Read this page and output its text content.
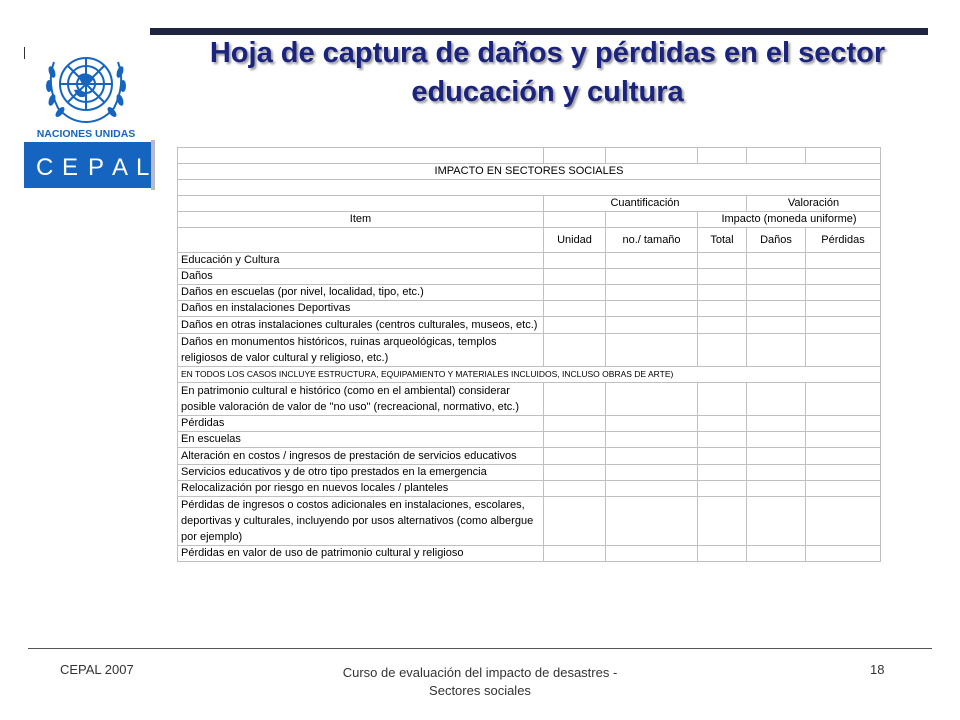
NACIONES UNIDAS
C E P A L
Hoja de captura de daños y pérdidas en el sector educación y cultura

IMPACTO EN SECTORES SOCIALES					

	Cuantificación			Valoración	
Item			Impacto (moneda uniforme)		
	Unidad	no./ tamaño	Total	Daños	Pérdidas
Educación y Cultura					
Daños					
Daños en escuelas (por nivel, localidad, tipo, etc.)					
Daños en instalaciones Deportivas					
Daños en otras instalaciones culturales (centros culturales, museos, etc.)					
Daños en monumentos históricos, ruinas arqueológicas, templos religiosos de valor cultural y religioso, etc.)					
EN TODOS LOS CASOS INCLUYE ESTRUCTURA, EQUIPAMIENTO Y MATERIALES INCLUIDOS, INCLUSO OBRAS DE ARTE)					
En patrimonio cultural e histórico (como en el ambiental) considerar posible valoración de valor de "no uso" (recreacional, normativo, etc.)					
Pérdidas					
En escuelas					
Alteración en costos / ingresos de prestación de servicios educativos					
Servicios educativos y de otro tipo prestados en la emergencia					
Relocalización por riesgo en nuevos locales / planteles					
Pérdidas de ingresos o costos adicionales en instalaciones, escolares, deportivas y culturales, incluyendo por usos alternativos (como albergue por ejemplo)					
Pérdidas en valor de uso de patrimonio cultural y religioso					
CEPAL 2007	Curso de evaluación del impacto de desastres - Sectores sociales
18
